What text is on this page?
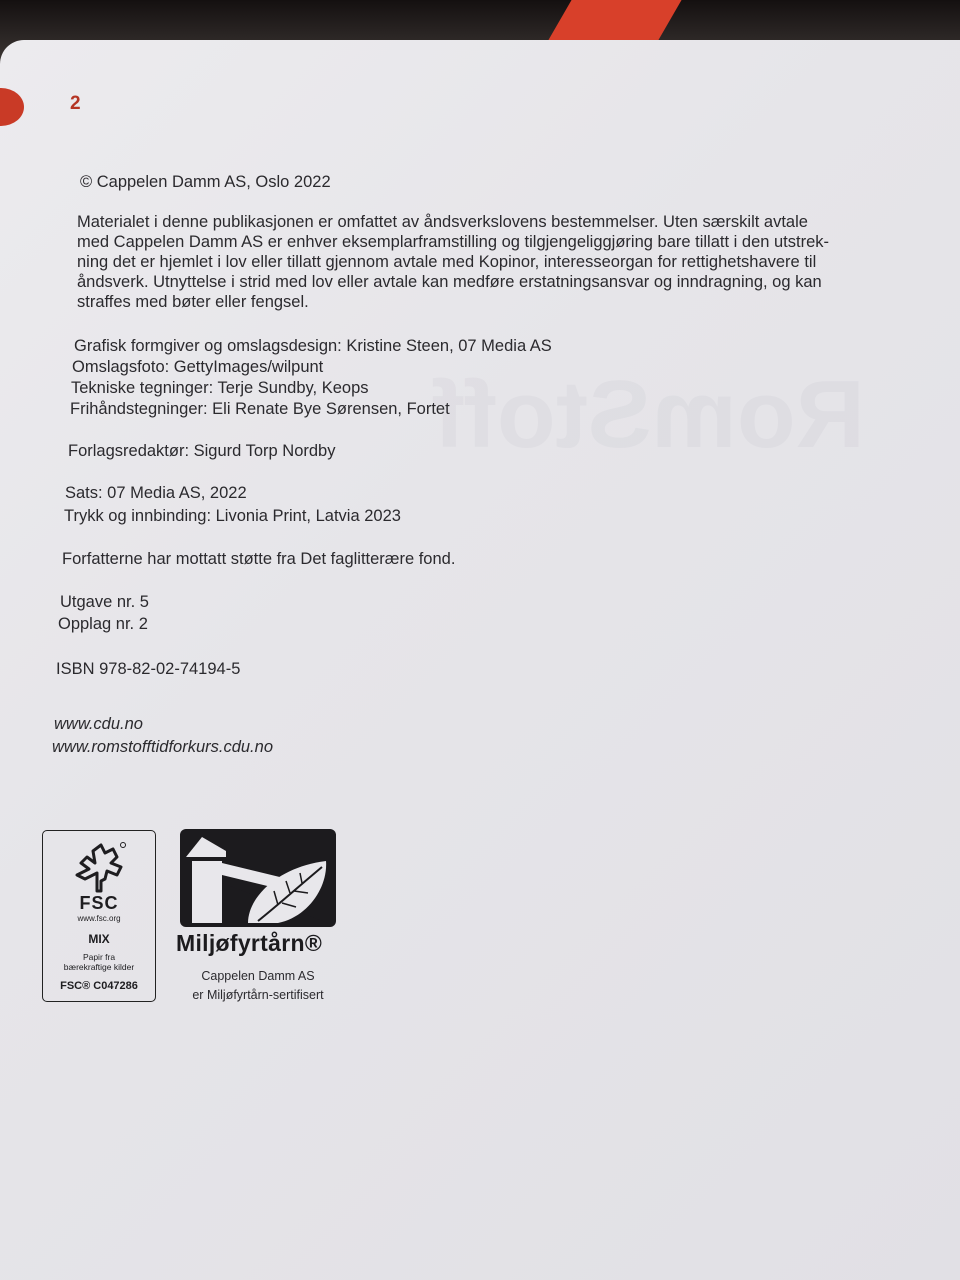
2
RomStoff
© Cappelen Damm AS, Oslo 2022
Materialet i denne publikasjonen er omfattet av åndsverkslovens bestemmelser. Uten særskilt avtale
med Cappelen Damm AS er enhver eksemplarframstilling og tilgjengeliggjøring bare tillatt i den utstrek-
ning det er hjemlet i lov eller tillatt gjennom avtale med Kopinor, interesseorgan for rettighetshavere til
åndsverk. Utnyttelse i strid med lov eller avtale kan medføre erstatningsansvar og inndragning, og kan
straffes med bøter eller fengsel.
Grafisk formgiver og omslagsdesign: Kristine Steen, 07 Media AS
Omslagsfoto: GettyImages/wilpunt
Tekniske tegninger: Terje Sundby, Keops
Frihåndstegninger: Eli Renate Bye Sørensen, Fortet
Forlagsredaktør: Sigurd Torp Nordby
Sats: 07 Media AS, 2022
Trykk og innbinding: Livonia Print, Latvia 2023
Forfatterne har mottatt støtte fra Det faglitterære fond.
Utgave nr. 5
Opplag nr. 2
ISBN 978-82-02-74194-5
www.cdu.no
www.romstofftidforkurs.cdu.no
FSC
www.fsc.org
MIX
Papir fra
bærekraftige kilder
FSC® C047286
Miljøfyrtårn®
Cappelen Damm AS
er Miljøfyrtårn-sertifisert
